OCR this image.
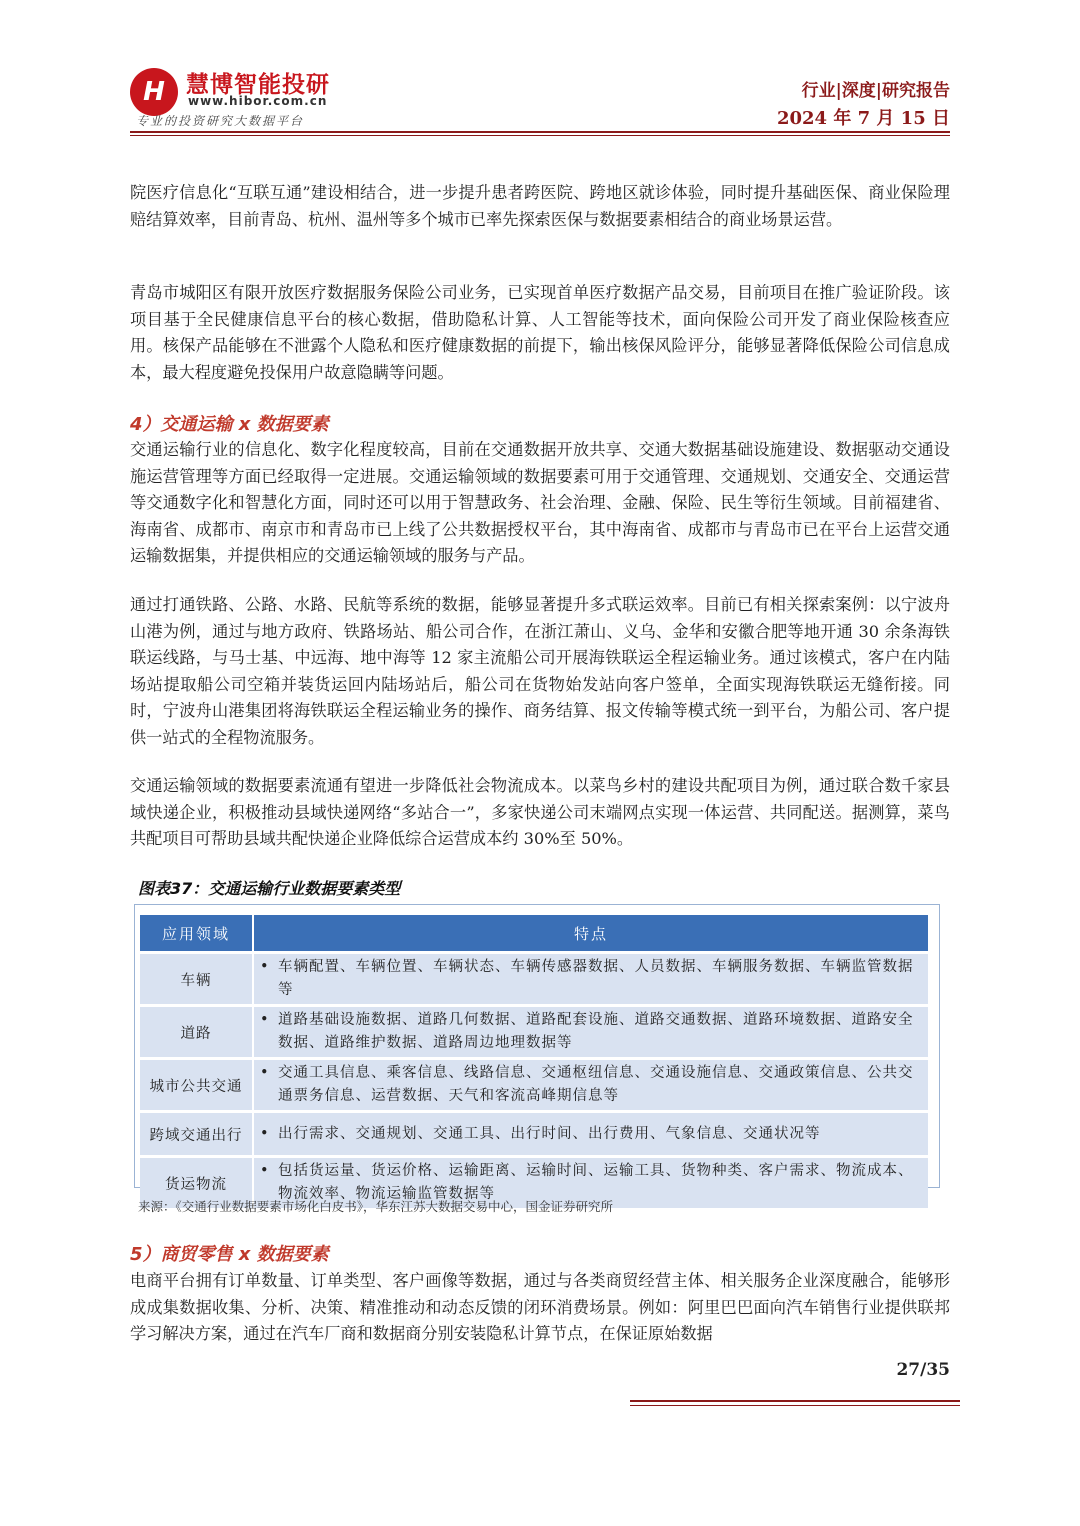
H 慧博智能投研
www.hibor.com.cn
专业的投资研究大数据平台
行业|深度|研究报告
2024 年 7 月 15 日

院医疗信息化“互联互通”建设相结合，进一步提升患者跨医院、跨地区就诊体验，同时提升基础医保、商业保险理赔结算效率，目前青岛、杭州、温州等多个城市已率先探索医保与数据要素相结合的商业场景运营。

青岛市城阳区有限开放医疗数据服务保险公司业务，已实现首单医疗数据产品交易，目前项目在推广验证阶段。该项目基于全民健康信息平台的核心数据，借助隐私计算、人工智能等技术，面向保险公司开发了商业保险核查应用。核保产品能够在不泄露个人隐私和医疗健康数据的前提下，输出核保风险评分，能够显著降低保险公司信息成本，最大程度避免投保用户故意隐瞒等问题。

4）交通运输 x 数据要素

交通运输行业的信息化、数字化程度较高，目前在交通数据开放共享、交通大数据基础设施建设、数据驱动交通设施运营管理等方面已经取得一定进展。交通运输领域的数据要素可用于交通管理、交通规划、交通安全、交通运营等交通数字化和智慧化方面，同时还可以用于智慧政务、社会治理、金融、保险、民生等衍生领域。目前福建省、海南省、成都市、南京市和青岛市已上线了公共数据授权平台，其中海南省、成都市与青岛市已在平台上运营交通运输数据集，并提供相应的交通运输领域的服务与产品。

通过打通铁路、公路、水路、民航等系统的数据，能够显著提升多式联运效率。目前已有相关探索案例：以宁波舟山港为例，通过与地方政府、铁路场站、船公司合作，在浙江萧山、义乌、金华和安徽合肥等地开通 30 余条海铁联运线路，与马士基、中远海、地中海等 12 家主流船公司开展海铁联运全程运输业务。通过该模式，客户在内陆场站提取船公司空箱并装货运回内陆场站后，船公司在货物始发站向客户签单，全面实现海铁联运无缝衔接。同时，宁波舟山港集团将海铁联运全程运输业务的操作、商务结算、报文传输等模式统一到平台，为船公司、客户提供一站式的全程物流服务。

交通运输领域的数据要素流通有望进一步降低社会物流成本。以菜鸟乡村的建设共配项目为例，通过联合数千家县域快递企业，积极推动县域快递网络“多站合一”，多家快递公司末端网点实现一体运营、共同配送。据测算，菜鸟共配项目可帮助县域共配快递企业降低综合运营成本约 30%至 50%。

图表37：交通运输行业数据要素类型
应用领域	特点
车辆	• 车辆配置、车辆位置、车辆状态、车辆传感器数据、人员数据、车辆服务数据、车辆监管数据等

道路	• 道路基础设施数据、道路几何数据、道路配套设施、道路交通数据、道路环境数据、道路安全数据、道路维护数据、道路周边地理数据等

城市公共交通	• 交通工具信息、乘客信息、线路信息、交通枢纽信息、交通设施信息、交通政策信息、公共交通票务信息、运营数据、天气和客流高峰期信息等

跨域交通出行	• 出行需求、交通规划、交通工具、出行时间、出行费用、气象信息、交通状况等

货运物流	• 包括货运量、货运价格、运输距离、运输时间、运输工具、货物种类、客户需求、物流成本、物流效率、物流运输监管数据等
来源：《交通行业数据要素市场化白皮书》，华东江苏大数据交易中心，国金证券研究所
5）商贸零售 x 数据要素

电商平台拥有订单数量、订单类型、客户画像等数据，通过与各类商贸经营主体、相关服务企业深度融合，能够形成成集数据收集、分析、决策、精准推动和动态反馈的闭环消费场景。例如：阿里巴巴面向汽车销售行业提供联邦学习解决方案，通过在汽车厂商和数据商分别安装隐私计算节点，在保证原始数据

27/35
